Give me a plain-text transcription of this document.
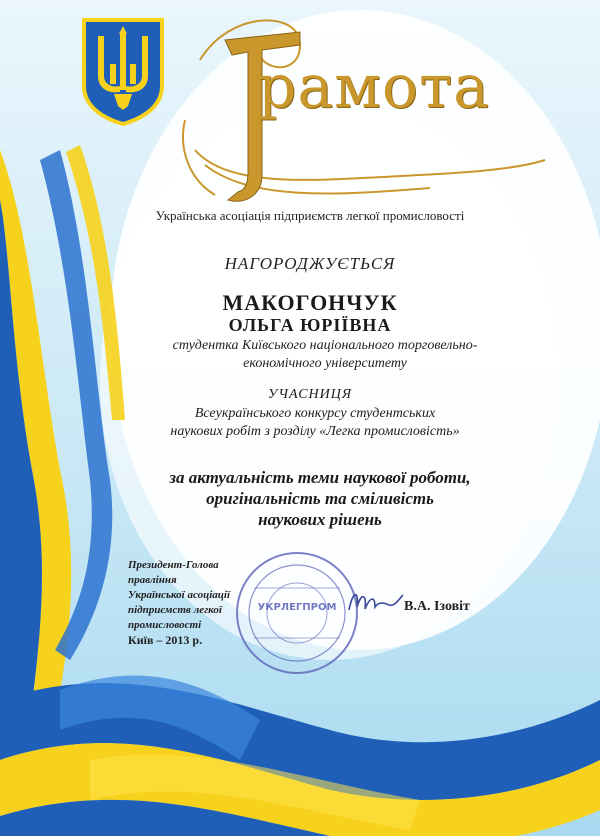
рамота
Українська асоціація підприємств легкої промисловості
НАГОРОДЖУЄТЬСЯ
МАКОГОНЧУК
ОЛЬГА ЮРІЇВНА
студентка Київського національного торговельно-
економічного університету
УЧАСНИЦЯ
Всеукраїнського конкурсу студентських
наукових робіт з розділу «Легка промисловість»
за актуальність теми наукової роботи,
оригінальність та сміливість
наукових рішень
Президент-Голова правління
Української асоціації
підприємств легкої
промисловості
УКРЛЕГПРОМ	В.А. Ізовіт
Київ – 2013 р.
